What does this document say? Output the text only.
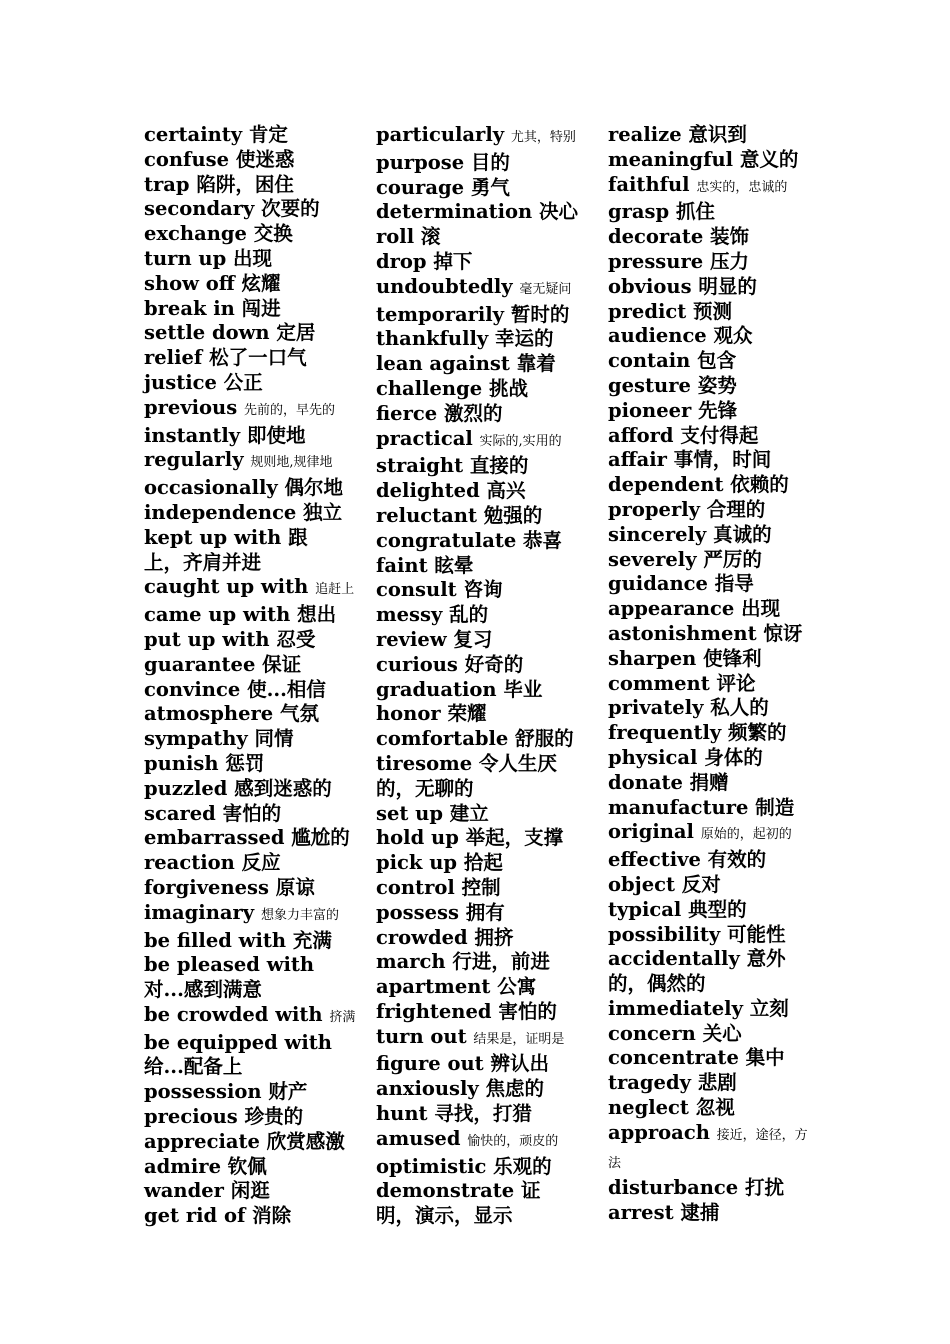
certainty 肯定
confuse 使迷惑
trap 陷阱，困住
secondary 次要的
exchange 交换
turn up 出现
show off 炫耀
break in 闯进
settle down 定居
relief 松了一口气
justice 公正
previous 先前的，早先的
instantly 即使地
regularly 规则地,规律地
occasionally 偶尔地
independence 独立
kept up with 跟上，齐肩并进
caught up with 追赶上
came up with 想出
put up with 忍受
guarantee 保证
convince 使...相信
atmosphere 气氛
sympathy 同情
punish 惩罚
puzzled 感到迷惑的
scared 害怕的
embarrassed 尴尬的
reaction 反应
forgiveness 原谅
imaginary 想象力丰富的
be filled with 充满
be pleased with 对...感到满意
be crowded with 挤满
be equipped with 给...配备上
possession 财产
precious 珍贵的
appreciate 欣赏感激
admire 钦佩
wander 闲逛
get rid of 消除
particularly 尤其，特别
purpose 目的
courage 勇气
determination 决心
roll 滚
drop 掉下
undoubtedly 毫无疑问
temporarily 暂时的
thankfully 幸运的
lean against 靠着
challenge 挑战
fierce 激烈的
practical 实际的,实用的
straight 直接的
delighted 高兴
reluctant 勉强的
congratulate 恭喜
faint 眩晕
consult 咨询
messy 乱的
review 复习
curious 好奇的
graduation 毕业
honor 荣耀
comfortable 舒服的
tiresome 令人生厌的，无聊的
set up 建立
hold up 举起，支撑
pick up 拾起
control 控制
possess 拥有
crowded 拥挤
march 行进，前进
apartment 公寓
frightened 害怕的
turn out 结果是，证明是
figure out 辨认出
anxiously 焦虑的
hunt 寻找，打猎
amused 愉快的，顽皮的
optimistic 乐观的
demonstrate 证明，演示，显示
realize 意识到
meaningful 意义的
faithful 忠实的，忠诚的
grasp 抓住
decorate 装饰
pressure 压力
obvious 明显的
predict 预测
audience 观众
contain 包含
gesture 姿势
pioneer 先锋
afford 支付得起
affair 事情，时间
dependent 依赖的
properly 合理的
sincerely 真诚的
severely 严厉的
guidance 指导
appearance 出现
astonishment 惊讶
sharpen 使锋利
comment 评论
privately 私人的
frequently 频繁的
physical 身体的
donate 捐赠
manufacture 制造
original 原始的，起初的
effective 有效的
object 反对
typical 典型的
possibility 可能性
accidentally 意外的，偶然的
immediately 立刻
concern 关心
concentrate 集中
tragedy 悲剧
neglect 忽视
approach 接近，途径，方法
disturbance 打扰
arrest 逮捕
